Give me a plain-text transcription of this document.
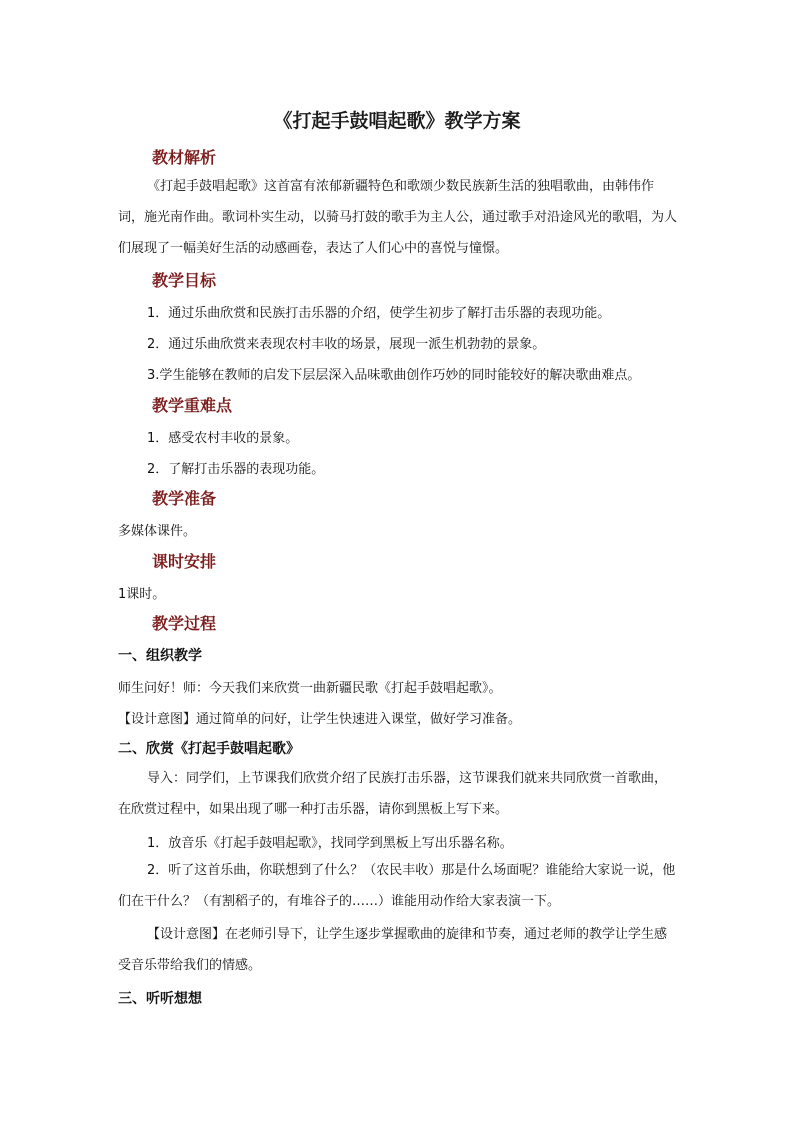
《打起手鼓唱起歌》教学方案
教材解析
《打起手鼓唱起歌》这首富有浓郁新疆特色和歌颂少数民族新生活的独唱歌曲，由韩伟作词，施光南作曲。歌词朴实生动，以骑马打鼓的歌手为主人公，通过歌手对沿途风光的歌唱，为人们展现了一幅美好生活的动感画卷，表达了人们心中的喜悦与憧憬。
教学目标
1．通过乐曲欣赏和民族打击乐器的介绍，使学生初步了解打击乐器的表现功能。
2．通过乐曲欣赏来表现农村丰收的场景，展现一派生机勃勃的景象。
3.学生能够在教师的启发下层层深入品味歌曲创作巧妙的同时能较好的解决歌曲难点。
教学重难点
1．感受农村丰收的景象。
2．了解打击乐器的表现功能。
教学准备
多媒体课件。
课时安排
1课时。
教学过程
一、组织教学
师生问好！师：今天我们来欣赏一曲新疆民歌《打起手鼓唱起歌》。
【设计意图】通过简单的问好，让学生快速进入课堂，做好学习准备。
二、欣赏《打起手鼓唱起歌》
导入：同学们，上节课我们欣赏介绍了民族打击乐器，这节课我们就来共同欣赏一首歌曲，在欣赏过程中，如果出现了哪一种打击乐器，请你到黑板上写下来。
1．放音乐《打起手鼓唱起歌》，找同学到黑板上写出乐器名称。
2．听了这首乐曲，你联想到了什么？（农民丰收）那是什么场面呢？谁能给大家说一说，他们在干什么？（有割稻子的，有堆谷子的……）谁能用动作给大家表演一下。
【设计意图】在老师引导下，让学生逐步掌握歌曲的旋律和节奏，通过老师的教学让学生感受音乐带给我们的情感。
三、听听想想
